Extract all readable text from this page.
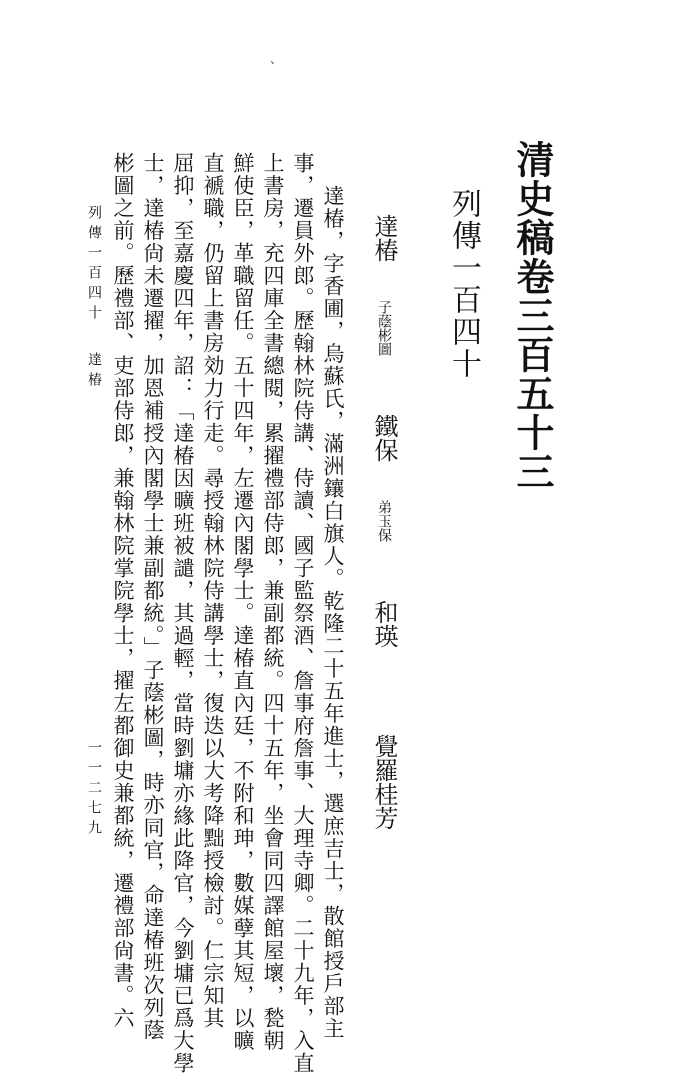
、
清史稿卷三百五十三
列傳一百四十
達椿 子蔭彬圖 鐵保 弟玉保 和瑛  覺羅桂芳
達椿，字香圃，烏蘇氏，滿洲鑲白旗人。乾隆二十五年進士，選庶吉士，散館授戶部主
事，遷員外郎。歷翰林院侍講、侍讀、國子監祭酒、詹事府詹事、大理寺卿。二十九年，入直
上書房，充四庫全書總閱，累擢禮部侍郎，兼副都統。四十五年，坐會同四譯館屋壞，甃朝
鮮使臣，革職留任。五十四年，左遷內閣學士。達椿直內廷，不附和珅，數媒孽其短，以曠
直褫職，仍留上書房効力行走。尋授翰林院侍講學士，復迭以大考降黜授檢討。仁宗知其
屈抑，至嘉慶四年，詔：「達椿因曠班被譴，其過輕，當時劉墉亦緣此降官，今劉墉已爲大學
士，達椿尙未遷擢，加恩補授內閣學士兼副都統。」子蔭彬圖，時亦同官，命達椿班次列蔭
彬圖之前。歷禮部、吏部侍郎，兼翰林院掌院學士，擢左都御史兼都統，遷禮部尙書。六
列傳一百四十
達椿
一一二七九
